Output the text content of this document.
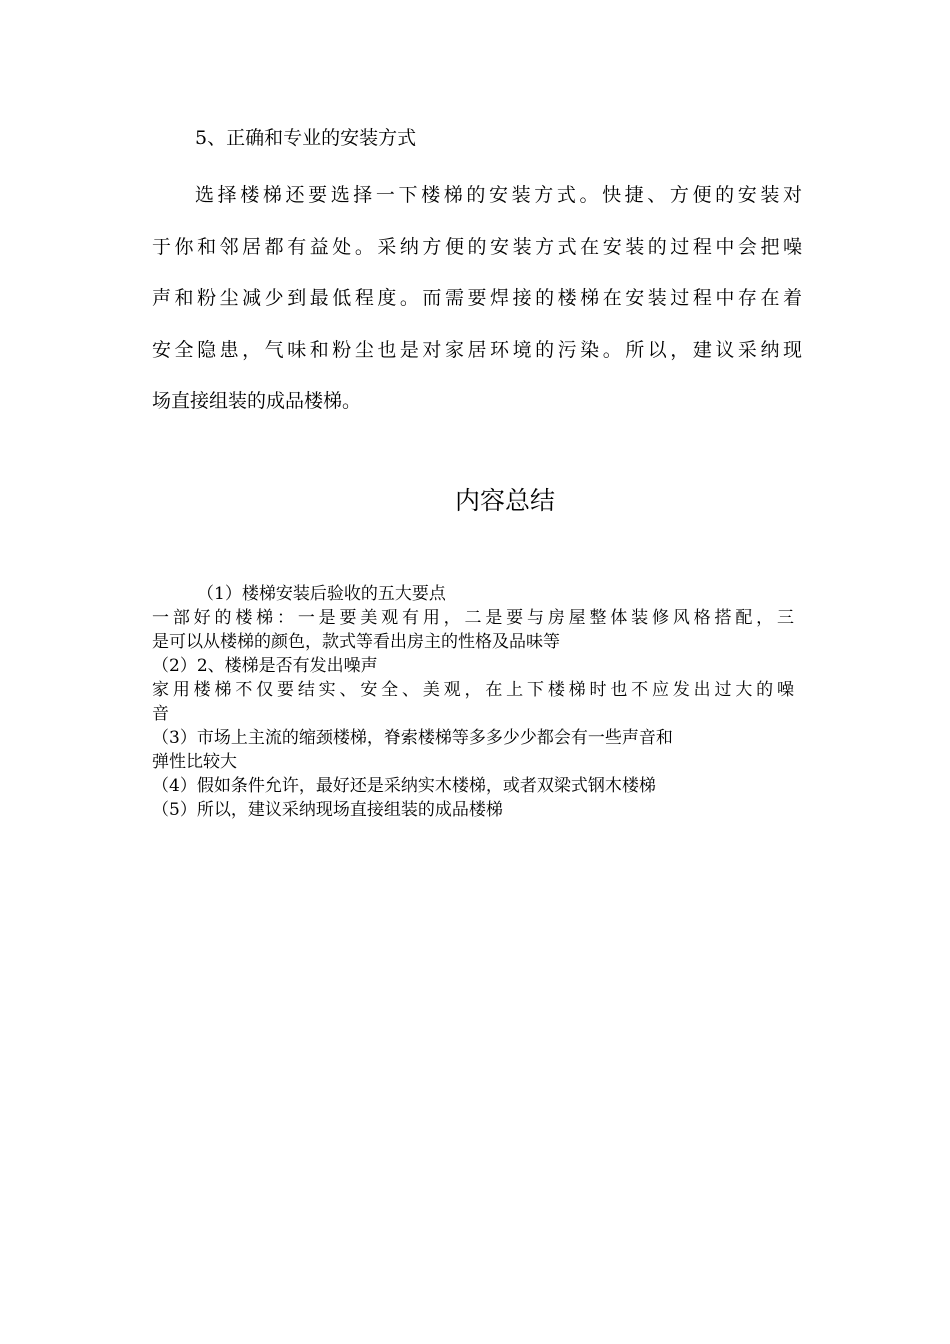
5、正确和专业的安装方式
选择楼梯还要选择一下楼梯的安装方式。快捷、方便的安装对
于你和邻居都有益处。采纳方便的安装方式在安装的过程中会把噪
声和粉尘减少到最低程度。而需要焊接的楼梯在安装过程中存在着
安全隐患，气味和粉尘也是对家居环境的污染。所以，建议采纳现
场直接组装的成品楼梯。
内容总结
（1）楼梯安装后验收的五大要点
一部好的楼梯：一是要美观有用，二是要与房屋整体装修风格搭配，三
是可以从楼梯的颜色，款式等看出房主的性格及品味等
（2）2、楼梯是否有发出噪声
家用楼梯不仅要结实、安全、美观，在上下楼梯时也不应发出过大的噪
音
（3）市场上主流的缩颈楼梯，脊索楼梯等多多少少都会有一些声音和
弹性比较大
（4）假如条件允许，最好还是采纳实木楼梯，或者双梁式钢木楼梯
（5）所以，建议采纳现场直接组装的成品楼梯
